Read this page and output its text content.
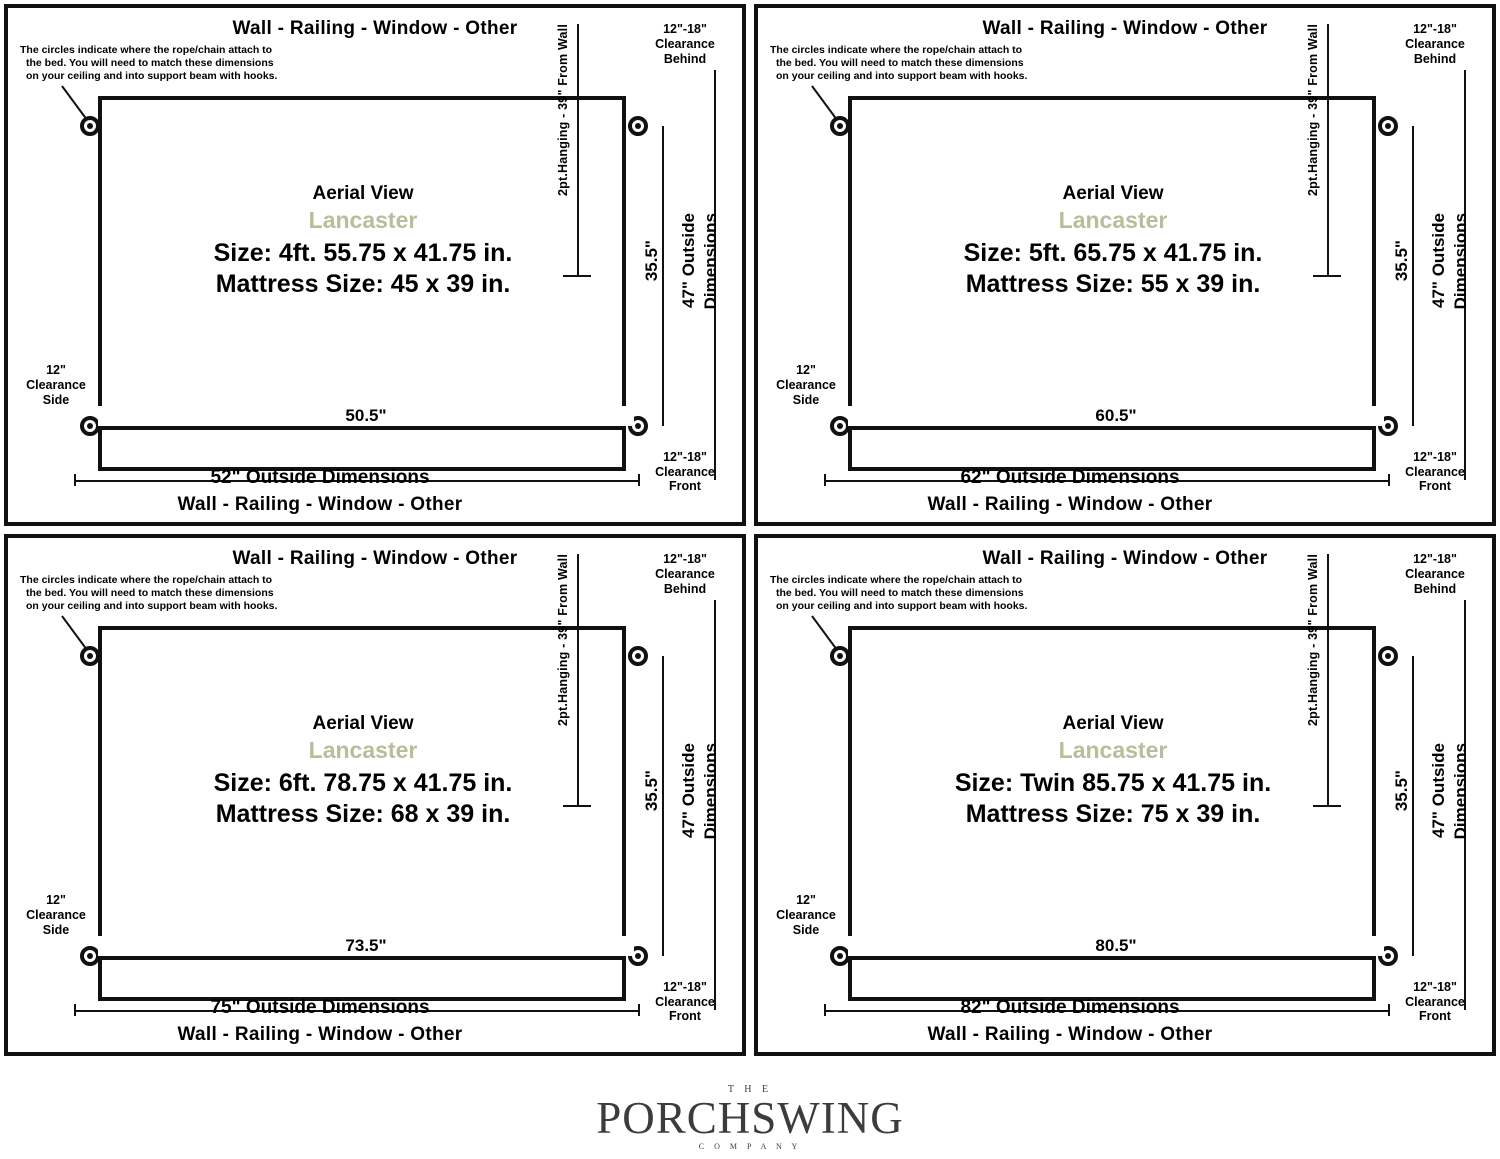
Wall - Railing - Window - Other
The circles indicate where the rope/chain attach to
the bed. You will need to match these dimensions
on your ceiling and into support beam with hooks.
Aerial View
Lancaster
Size: 4ft. 55.75 x 41.75 in.
Mattress Size: 45 x 39 in.
50.5"
2pt.Hanging - 39" From Wall
35.5" 47" Outside Dimensions
12"-18"
Clearance
Behind
12"-18"
Clearance
Front
12"
Clearance
Side
52" Outside Dimensions
Wall - Railing - Window - Other
Wall - Railing - Window - Other
The circles indicate where the rope/chain attach to
the bed. You will need to match these dimensions
on your ceiling and into support beam with hooks.
Aerial View
Lancaster
Size: 5ft. 65.75 x 41.75 in.
Mattress Size: 55 x 39 in.
60.5"
2pt.Hanging - 39" From Wall
35.5" 47" Outside Dimensions
12"-18"
Clearance
Behind
12"-18"
Clearance
Front
12"
Clearance
Side
62" Outside Dimensions
Wall - Railing - Window - Other
Wall - Railing - Window - Other
The circles indicate where the rope/chain attach to
the bed. You will need to match these dimensions
on your ceiling and into support beam with hooks.
Aerial View
Lancaster
Size: 6ft. 78.75 x 41.75 in.
Mattress Size: 68 x 39 in.
73.5"
2pt.Hanging - 39" From Wall
35.5" 47" Outside Dimensions
12"-18"
Clearance
Behind
12"-18"
Clearance
Front
12"
Clearance
Side
75" Outside Dimensions
Wall - Railing - Window - Other
Wall - Railing - Window - Other
The circles indicate where the rope/chain attach to
the bed. You will need to match these dimensions
on your ceiling and into support beam with hooks.
Aerial View
Lancaster
Size: Twin 85.75 x 41.75 in.
Mattress Size: 75 x 39 in.
80.5"
2pt.Hanging - 39" From Wall
35.5" 47" Outside Dimensions
12"-18"
Clearance
Behind
12"-18"
Clearance
Front
12"
Clearance
Side
82" Outside Dimensions
Wall - Railing - Window - Other
T H E
PORCHSWING
C O M P A N Y
